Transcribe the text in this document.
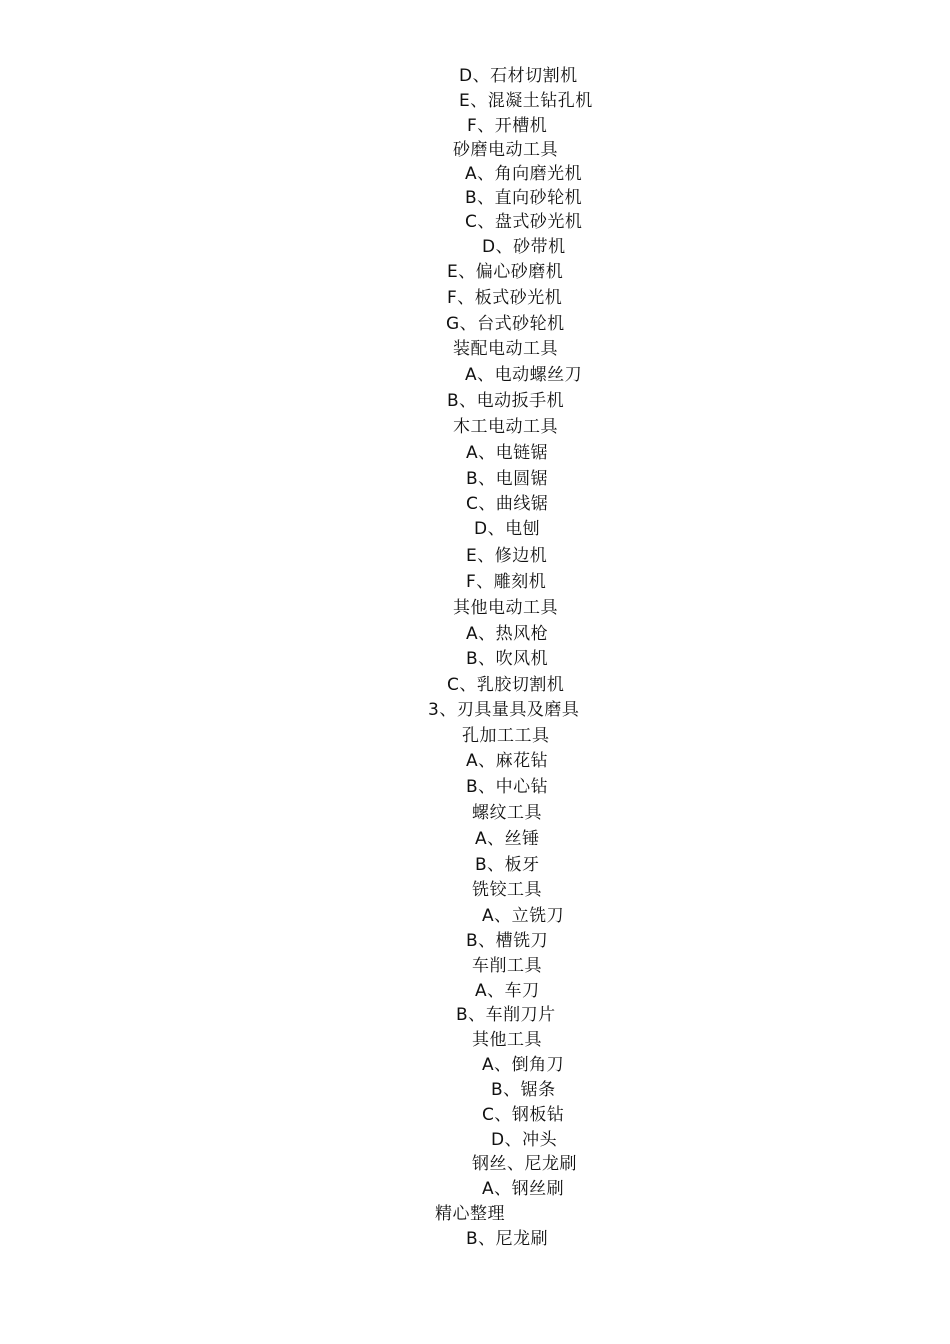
D、石材切割机
E、混凝土钻孔机
F、开槽机
砂磨电动工具
A、角向磨光机
B、直向砂轮机
C、盘式砂光机
D、砂带机
E、偏心砂磨机
F、板式砂光机
G、台式砂轮机
装配电动工具
A、电动螺丝刀
B、电动扳手机
木工电动工具
A、电链锯
B、电圆锯
C、曲线锯
D、电刨
E、修边机
F、雕刻机
其他电动工具
A、热风枪
B、吹风机
C、乳胶切割机
3、刃具量具及磨具
孔加工工具
A、麻花钻
B、中心钻
螺纹工具
A、丝锤
B、板牙
铣铰工具
A、立铣刀
B、槽铣刀
车削工具
A、车刀
B、车削刀片
其他工具
A、倒角刀
B、锯条
C、钢板钻
D、冲头
钢丝、尼龙刷
A、钢丝刷
精心整理
B、尼龙刷
